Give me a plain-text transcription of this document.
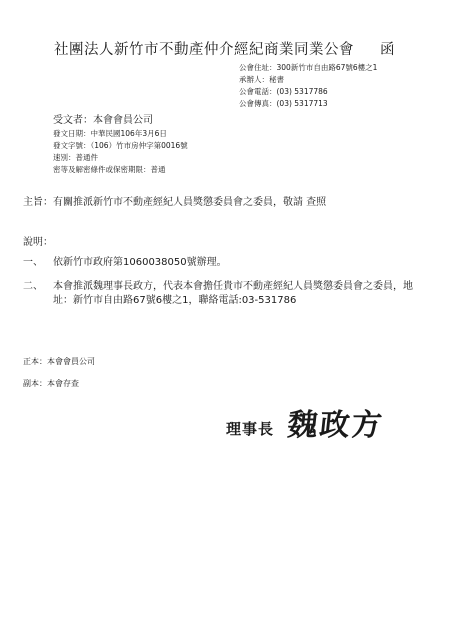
社團法人新竹市不動產仲介經紀商業同業公會 函
公會住址：300新竹市自由路67號6樓之1
承辦人：秘書
公會電話：(03) 5317786
公會傳真：(03) 5317713
受文者：本會會員公司
發文日期：中華民國106年3月6日
發文字號：（106）竹市房仲字第0016號
速別：普通件
密等及解密條件或保密期限：普通
主旨： 有關推派新竹市不動產經紀人員獎懲委員會之委員，敬請 查照
說明：
一、 依新竹市政府第1060038050號辦理。
二、 本會推派魏理事長政方，代表本會擔任貴市不動產經紀人員獎懲委員會之委員，地址：新竹市自由路67號6樓之1，聯絡電話:03-531786
正本：本會會員公司
副本：本會存查
理事長 魏政方
